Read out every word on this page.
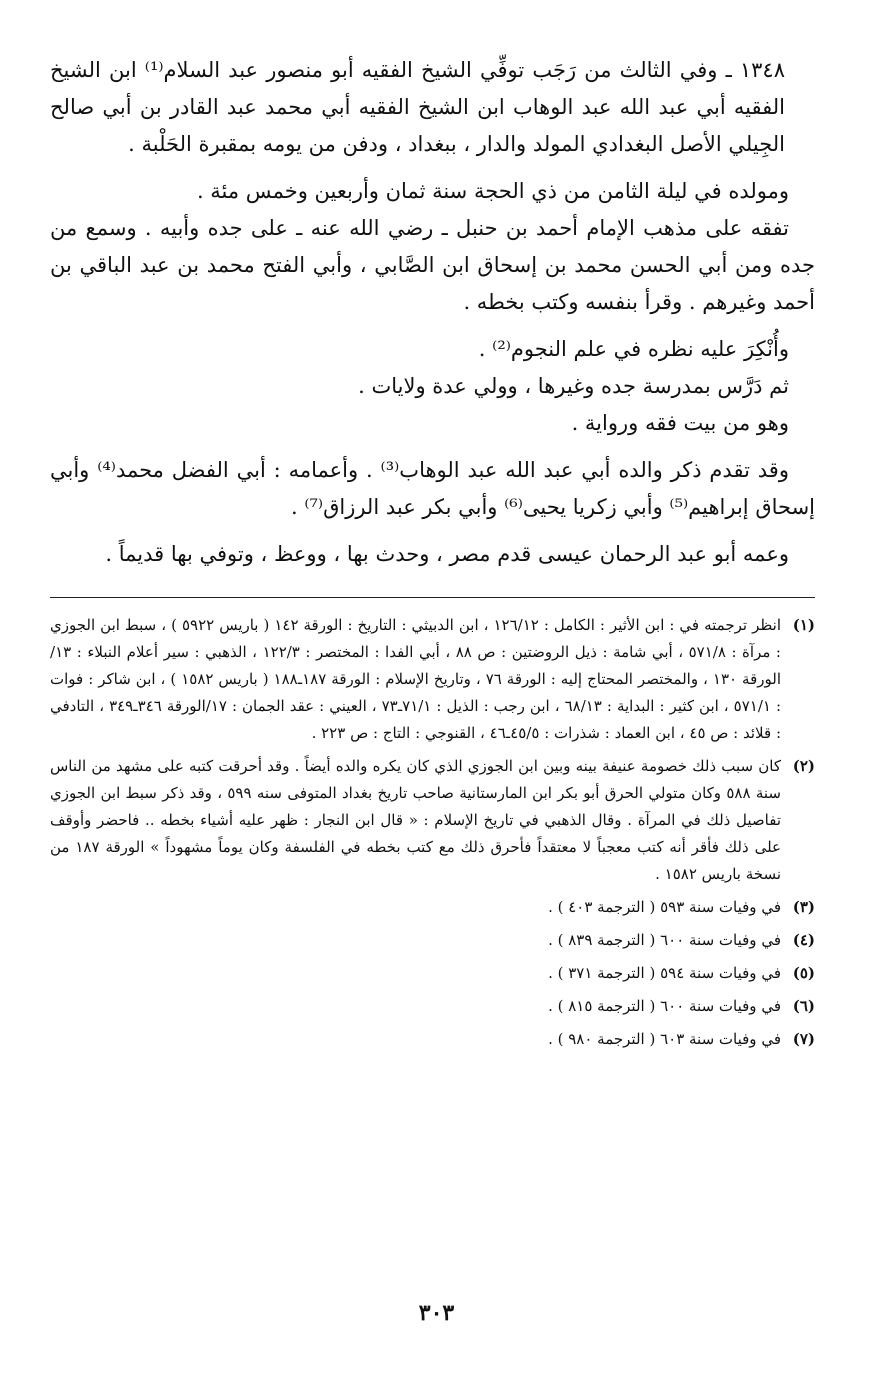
١٣٤٨ ـ وفي الثالث من رَجَب توفِّي الشيخ الفقيه أبو منصور عبد السلام⁽¹⁾ ابن الشيخ الفقيه أبي عبد الله عبد الوهاب ابن الشيخ الفقيه أبي محمد عبد القادر بن أبي صالح الجِيلي الأصل البغدادي المولد والدار ، ببغداد ، ودفن من يومه بمقبرة الحَلْبة .

ومولده في ليلة الثامن من ذي الحجة سنة ثمان وأربعين وخمس مئة .

تفقه على مذهب الإمام أحمد بن حنبل ـ رضي الله عنه ـ على جده وأبيه . وسمع من جده ومن أبي الحسن محمد بن إسحاق ابن الصَّابي ، وأبي الفتح محمد بن عبد الباقي بن أحمد وغيرهم . وقرأ بنفسه وكتب بخطه .

وأُنْكِرَ عليه نظره في علم النجوم⁽²⁾ .

ثم دَرَّس بمدرسة جده وغيرها ، وولي عدة ولايات .

وهو من بيت فقه ورواية .

وقد تقدم ذكر والده أبي عبد الله عبد الوهاب⁽³⁾ . وأعمامه : أبي الفضل محمد⁽⁴⁾ وأبي إسحاق إبراهيم⁽⁵⁾ وأبي زكريا يحيى⁽⁶⁾ وأبي بكر عبد الرزاق⁽⁷⁾ .

وعمه أبو عبد الرحمان عيسى قدم مصر ، وحدث بها ، ووعظ ، وتوفي بها قديماً .

(١)
انظر ترجمته في : ابن الأثير : الكامل : ١٢٦/١٢ ، ابن الدبيثي : التاريخ : الورقة ١٤٢ ( باريس ٥٩٢٢ ) ، سبط ابن الجوزي : مرآة : ٥٧١/٨ ، أبي شامة : ذيل الروضتين : ص ٨٨ ، أبي الفدا : المختصر : ١٢٢/٣ ، الذهبي : سير أعلام النبلاء : ١٣/الورقة ١٣٠ ، والمختصر المحتاج إليه : الورقة ٧٦ ، وتاريخ الإسلام : الورقة ١٨٧ـ١٨٨ ( باريس ١٥٨٢ ) ، ابن شاكر : فوات : ٥٧١/١ ، ابن كثير : البداية : ٦٨/١٣ ، ابن رجب : الذيل : ٧١/١ـ٧٣ ، العيني : عقد الجمان : ١٧/الورقة ٣٤٦ـ٣٤٩ ، التادفي : قلائد : ص ٤٥ ، ابن العماد : شذرات : ٤٥/٥ـ٤٦ ، القنوجي : التاج : ص ٢٢٣ .
(٢)
كان سبب ذلك خصومة عنيفة بينه وبين ابن الجوزي الذي كان يكره والده أيضاً . وقد أحرقت كتبه على مشهد من الناس سنة ٥٨٨ وكان متولي الحرق أبو بكر ابن المارستانية صاحب تاريخ بغداد المتوفى سنه ٥٩٩ ، وقد ذكر سبط ابن الجوزي تفاصيل ذلك في المرآة . وقال الذهبي في تاريخ الإسلام : « قال ابن النجار : ظهر عليه أشياء بخطه .. فاحضر وأوقف على ذلك فأقر أنه كتب معجباً لا معتقداً فأحرق ذلك مع كتب بخطه في الفلسفة وكان يوماً مشهوداً » الورقة ١٨٧ من نسخة باريس ١٥٨٢ .
(٣)
في وفيات سنة ٥٩٣ ( الترجمة ٤٠٣ ) .
(٤)
في وفيات سنة ٦٠٠ ( الترجمة ٨٣٩ ) .
(٥)
في وفيات سنة ٥٩٤ ( الترجمة ٣٧١ ) .
(٦)
في وفيات سنة ٦٠٠ ( الترجمة ٨١٥ ) .
(٧)
في وفيات سنة ٦٠٣ ( الترجمة ٩٨٠ ) .
٣٠٣
